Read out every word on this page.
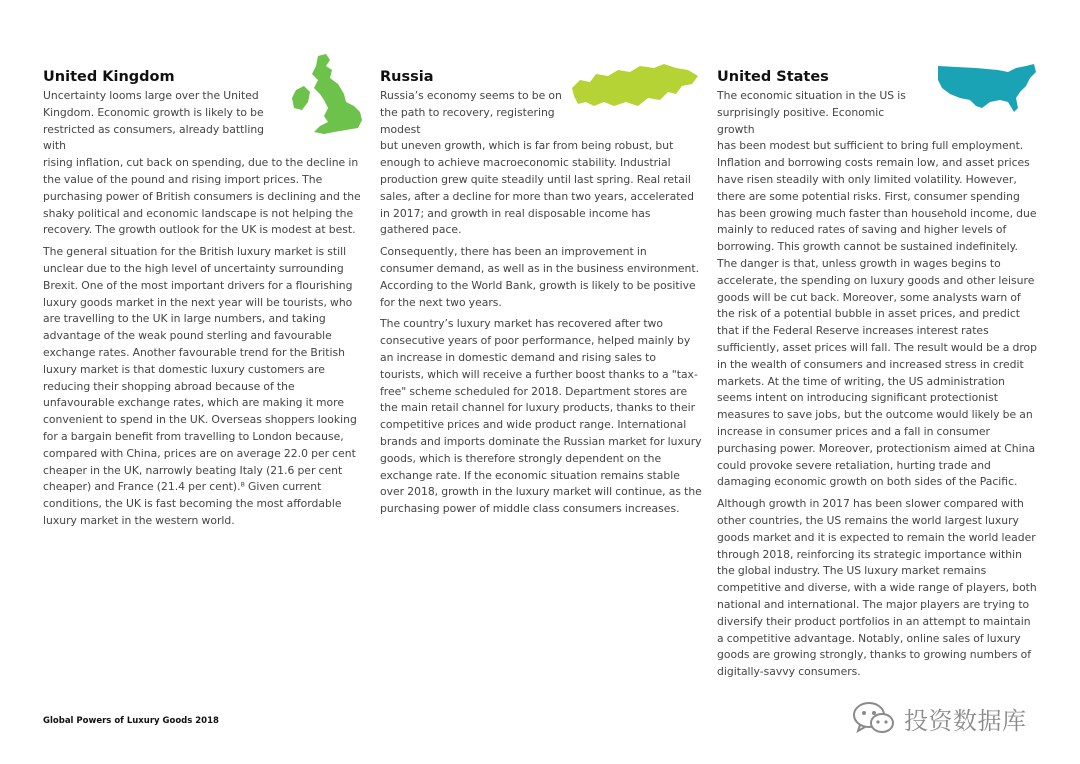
United Kingdom

Uncertainty looms large over the United Kingdom. Economic growth is likely to be restricted as consumers, already battling with

rising inflation, cut back on spending, due to the decline in the value of the pound and rising import prices. The purchasing power of British consumers is declining and the shaky political and economic landscape is not helping the recovery. The growth outlook for the UK is modest at best.

The general situation for the British luxury market is still unclear due to the high level of uncertainty surrounding Brexit. One of the most important drivers for a flourishing luxury goods market in the next year will be tourists, who are travelling to the UK in large numbers, and taking advantage of the weak pound sterling and favourable exchange rates. Another favourable trend for the British luxury market is that domestic luxury customers are reducing their shopping abroad because of the unfavourable exchange rates, which are making it more convenient to spend in the UK. Overseas shoppers looking for a bargain benefit from travelling to London because, compared with China, prices are on average 22.0 per cent cheaper in the UK, narrowly beating Italy (21.6 per cent cheaper) and France (21.4 per cent).⁸ Given current conditions, the UK is fast becoming the most affordable luxury market in the western world.

Russia

Russia’s economy seems to be on the path to recovery, registering modest

but uneven growth, which is far from being robust, but enough to achieve macroeconomic stability. Industrial production grew quite steadily until last spring. Real retail sales, after a decline for more than two years, accelerated in 2017; and growth in real disposable income has gathered pace.

Consequently, there has been an improvement in consumer demand, as well as in the business environment. According to the World Bank, growth is likely to be positive for the next two years.

The country’s luxury market has recovered after two consecutive years of poor performance, helped mainly by an increase in domestic demand and rising sales to tourists, which will receive a further boost thanks to a "tax-free" scheme scheduled for 2018. Department stores are the main retail channel for luxury products, thanks to their competitive prices and wide product range. International brands and imports dominate the Russian market for luxury goods, which is therefore strongly dependent on the exchange rate. If the economic situation remains stable over 2018, growth in the luxury market will continue, as the purchasing power of middle class consumers increases.

United States

The economic situation in the US is surprisingly positive. Economic growth

has been modest but sufficient to bring full employment. Inflation and borrowing costs remain low, and asset prices have risen steadily with only limited volatility. However, there are some potential risks. First, consumer spending has been growing much faster than household income, due mainly to reduced rates of saving and higher levels of borrowing. This growth cannot be sustained indefinitely. The danger is that, unless growth in wages begins to accelerate, the spending on luxury goods and other leisure goods will be cut back. Moreover, some analysts warn of the risk of a potential bubble in asset prices, and predict that if the Federal Reserve increases interest rates sufficiently, asset prices will fall. The result would be a drop in the wealth of consumers and increased stress in credit markets. At the time of writing, the US administration seems intent on introducing significant protectionist measures to save jobs, but the outcome would likely be an increase in consumer prices and a fall in consumer purchasing power. Moreover, protectionism aimed at China could provoke severe retaliation, hurting trade and damaging economic growth on both sides of the Pacific.

Although growth in 2017 has been slower compared with other countries, the US remains the world largest luxury goods market and it is expected to remain the world leader through 2018, reinforcing its strategic importance within the global industry. The US luxury market remains competitive and diverse, with a wide range of players, both national and international. The major players are trying to diversify their product portfolios in an attempt to maintain a competitive advantage. Notably, online sales of luxury goods are growing strongly, thanks to growing numbers of digitally-savvy consumers.

Global Powers of Luxury Goods 2018	投资数据库
